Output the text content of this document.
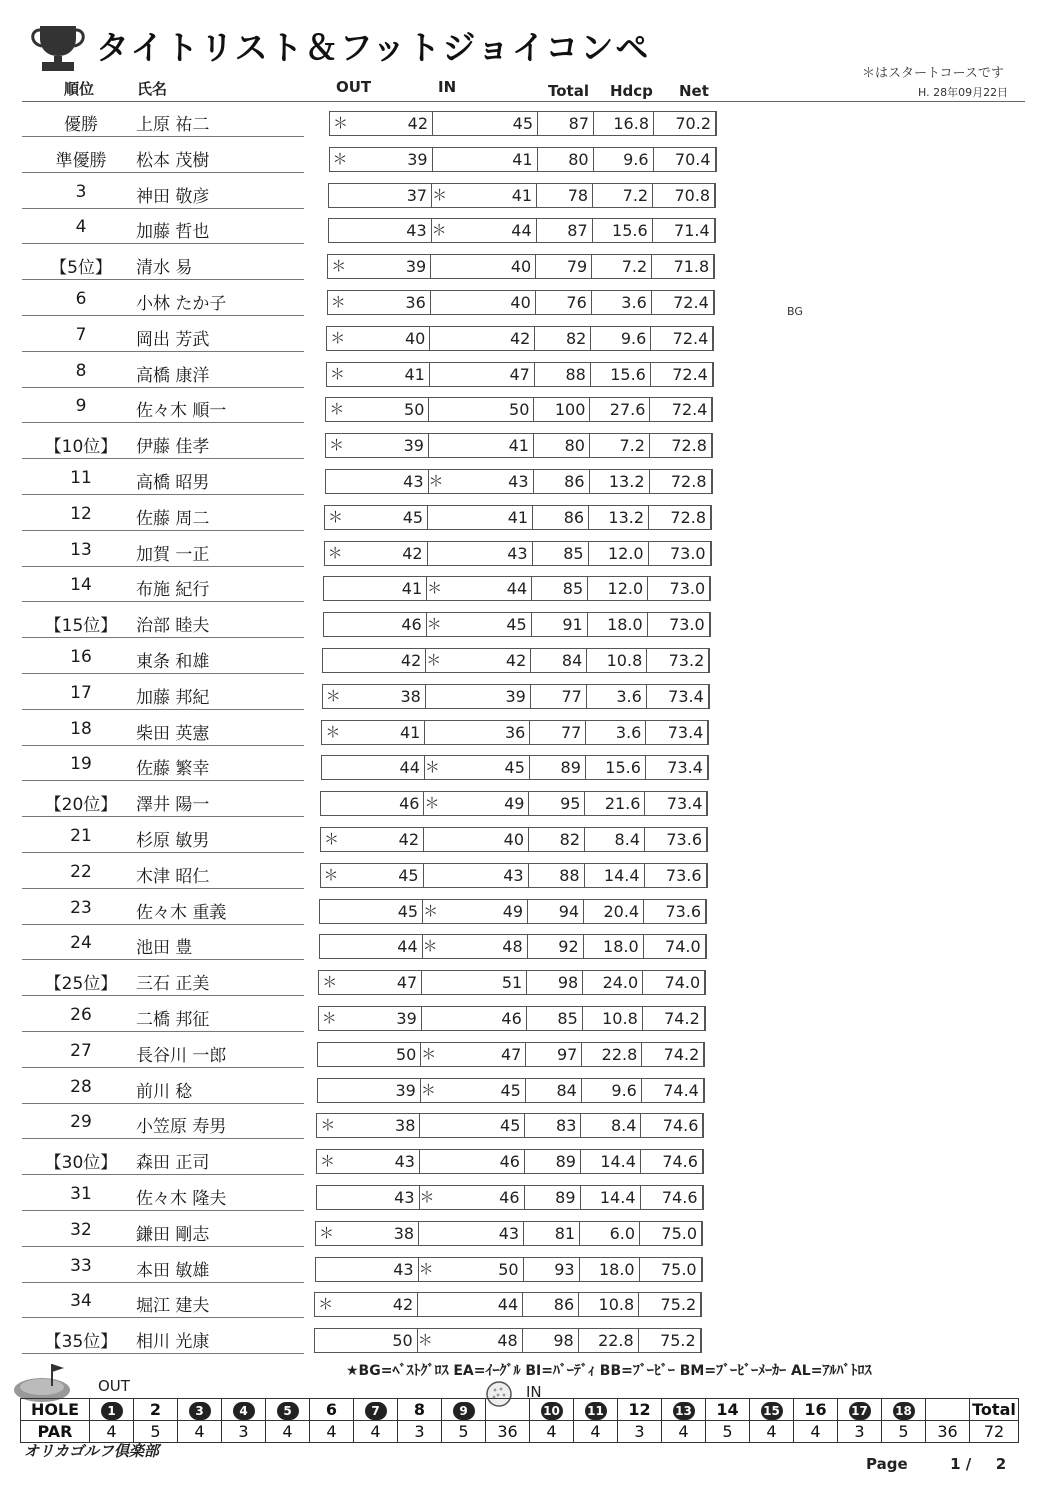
タイトリスト＆フットジョイコンペ
＊はスタートコースです
H. 28年09月22日
順位	氏名	OUT	IN	Total Hdcp Net
優勝	上原 祐二	42	45	87	16.8	70.2
＊
準優勝	松本 茂樹	39	41	80	9.6	70.4
＊
3	神田 敬彦	37	41	78	7.2	70.8
＊
4	加藤 哲也	43	44	87	15.6	71.4
＊
【5位】	清水 易	39	40	79	7.2	71.8
＊
6	小林 たか子	36	40	76	3.6	72.4
＊
7	岡出 芳武	40	42	82	9.6	72.4
＊
8	高橋 康洋	41	47	88	15.6	72.4
＊
9	佐々木 順一	50	50	100	27.6	72.4
＊
【10位】	伊藤 佳孝	39	41	80	7.2	72.8
＊
11	高橋 昭男	43	43	86	13.2	72.8
＊
12	佐藤 周二	45	41	86	13.2	72.8
＊
13	加賀 一正	42	43	85	12.0	73.0
＊
14	布施 紀行	41	44	85	12.0	73.0
＊
【15位】	治部 睦夫	46	45	91	18.0	73.0
＊
16	東条 和雄	42	42	84	10.8	73.2
＊
17	加藤 邦紀	38	39	77	3.6	73.4
＊
18	柴田 英憲	41	36	77	3.6	73.4
＊
19	佐藤 繁幸	44	45	89	15.6	73.4
＊
【20位】	澤井 陽一	46	49	95	21.6	73.4
＊
21	杉原 敏男	42	40	82	8.4	73.6
＊
22	木津 昭仁	45	43	88	14.4	73.6
＊
23	佐々木 重義	45	49	94	20.4	73.6
＊
24	池田 豊	44	48	92	18.0	74.0
＊
【25位】	三石 正美	47	51	98	24.0	74.0
＊
26	二橋 邦征	39	46	85	10.8	74.2
＊
27	長谷川 一郎	50	47	97	22.8	74.2
＊
28	前川 稔	39	45	84	9.6	74.4
＊
29	小笠原 寿男	38	45	83	8.4	74.6
＊
【30位】	森田 正司	43	46	89	14.4	74.6
＊
31	佐々木 隆夫	43	46	89	14.4	74.6
＊
32	鎌田 剛志	38	43	81	6.0	75.0
＊
33	本田 敏雄	43	50	93	18.0	75.0
＊
34	堀江 建夫	42	44	86	10.8	75.2
＊
【35位】	相川 光康	50	48	98	22.8	75.2
＊
BG
★BG=ﾍﾞｽﾄｸﾞﾛｽ EA=ｲｰｸﾞﾙ BI=ﾊﾞｰﾃﾞｨ BB=ﾌﾞｰﾋﾞｰ BM=ﾌﾞｰﾋﾞｰﾒｰｶｰ AL=ｱﾙﾊﾞﾄﾛｽ
OUT	IN
HOLE	1	2	3	4	5	6	7	8	9		10	11	12	13	14	15	16	17	18		Total
PAR	4	5	4	3	4	4	4	3	5	36	4	4	3	4	5	4	4	3	5	36	72
オリカゴルフ倶楽部
Page	1 / 2
